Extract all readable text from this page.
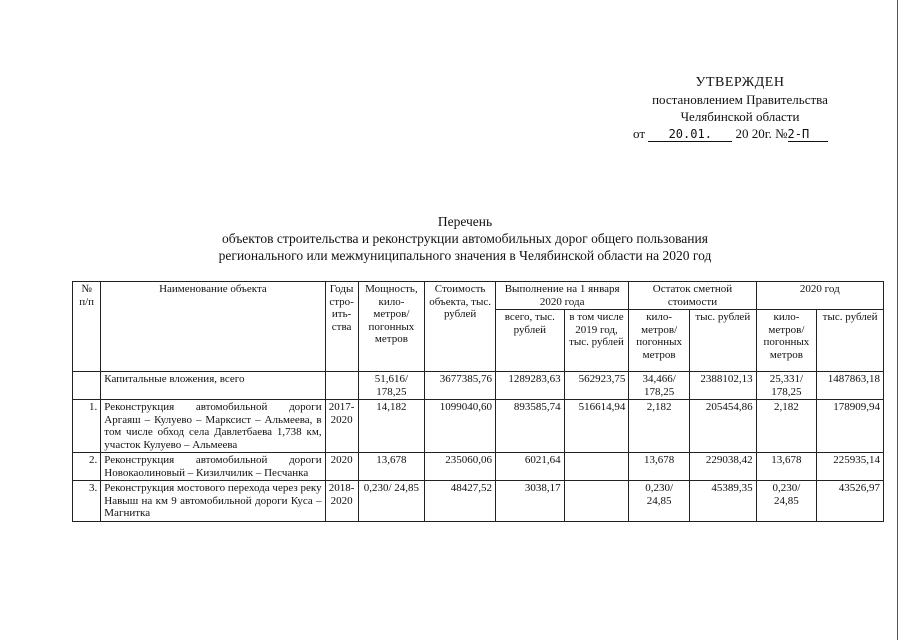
УТВЕРЖДЕН
постановлением Правительства
Челябинской области
от 20.01. 20 20г. №2-П
Перечень
объектов строительства и реконструкции автомобильных дорог общего пользования
регионального или межмуниципального значения в Челябинской области на 2020 год
№ п/п	Наименование объекта	Годы стро-ить-ства	Мощность, кило-метров/ погонных метров	Стоимость объекта, тыс. рублей	Выполнение на 1 января 2020 года		Остаток сметной стоимости		2020 год	
					всего, тыс. рублей	в том числе 2019 год, тыс. рублей	кило-метров/ погонных метров	тыс. рублей	кило-метров/ погонных метров	тыс. рублей
	Капитальные вложения, всего		51,616/ 178,25	3677385,76	1289283,63	562923,75	34,466/ 178,25	2388102,13	25,331/ 178,25	1487863,18
1.	Реконструкция автомобильной дороги Аргаяш – Кулуево – Марксист – Альмеева, в том числе обход села Давлетбаева 1,738 км, участок Кулуево – Альмеева	2017-2020	14,182	1099040,60	893585,74	516614,94	2,182	205454,86	2,182	178909,94
2.	Реконструкция автомобильной дороги Новокаолиновый – Кизилчилик – Песчанка	2020	13,678	235060,06	6021,64		13,678	229038,42	13,678	225935,14
3.	Реконструкция мостового перехода через реку Навыш на км 9 автомобильной дороги Куса – Магнитка	2018-2020	0,230/ 24,85	48427,52	3038,17		0,230/ 24,85	45389,35	0,230/ 24,85	43526,97
